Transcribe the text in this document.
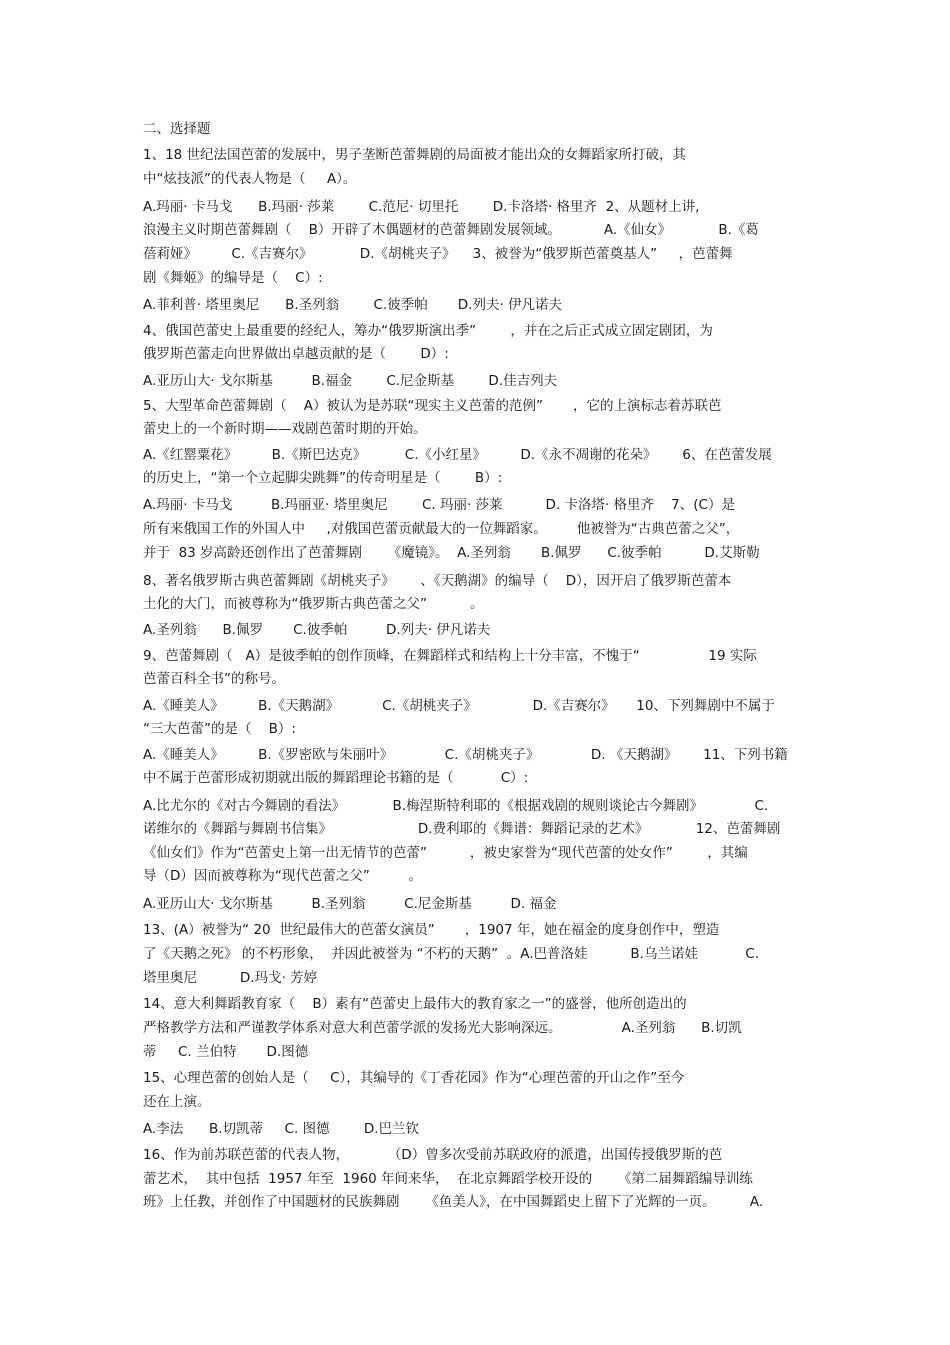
二、选择题
1、18 世纪法国芭蕾的发展中，男子垄断芭蕾舞剧的局面被才能出众的女舞蹈家所打破，其
中“炫技派”的代表人物是（     A）。
A.玛丽· 卡马戈      B.玛丽· 莎莱        C.范尼· 切里托        D.卡洛塔· 格里齐  2、从题材上讲,
浪漫主义时期芭蕾舞剧（    B）开辟了木偶题材的芭蕾舞剧发展领域。          A.《仙女》           B.《葛
蓓莉娅》        C.《吉赛尔》           D.《胡桃夹子》    3、被誉为“俄罗斯芭蕾奠基人”     ，芭蕾舞
剧《舞姬》的编导是（    C）:
A.菲利普· 塔里奥尼      B.圣列翁        C.彼季帕       D.列夫· 伊凡诺夫
4、俄国芭蕾史上最重要的经纪人，筹办“俄罗斯演出季”        ，并在之后正式成立固定剧团，为
俄罗斯芭蕾走向世界做出卓越贡献的是（        D）:
A.亚历山大· 戈尔斯基         B.福金        C.尼金斯基        D.佳吉列夫
5、大型革命芭蕾舞剧（    A）被认为是苏联“现实主义芭蕾的范例”       ，它的上演标志着苏联芭
蕾史上的一个新时期——戏剧芭蕾时期的开始。
A.《红罂粟花》        B.《斯巴达克》         C.《小红星》        D.《永不凋谢的花朵》      6、在芭蕾发展
的历史上，“第一个立起脚尖跳舞”的传奇明星是（        B）:
A.玛丽· 卡马戈         B.玛丽亚· 塔里奥尼        C. 玛丽· 莎莱          D. 卡洛塔· 格里齐    7、(C）是
所有来俄国工作的外国人中     ,对俄国芭蕾贡献最大的一位舞蹈家。       他被誉为“古典芭蕾之父”，
并于  83 岁高龄还创作出了芭蕾舞剧      《魔镜》。  A.圣列翁       B.佩罗      C.彼季帕          D.艾斯勒
8、著名俄罗斯古典芭蕾舞剧《胡桃夹子》      、《天鹅湖》的编导（    D），因开启了俄罗斯芭蕾本
土化的大门，而被尊称为“俄罗斯古典芭蕾之父”          。
A.圣列翁      B.佩罗       C.彼季帕         D.列夫· 伊凡诺夫
9、芭蕾舞剧（   A）是彼季帕的创作顶峰，在舞蹈样式和结构上十分丰富，不愧于“                19 实际
芭蕾百科全书”的称号。
A.《睡美人》        B.《天鹅湖》          C.《胡桃夹子》             D.《吉赛尔》     10、下列舞剧中不属于
“三大芭蕾”的是（    B）:
A.《睡美人》        B.《罗密欧与朱丽叶》            C.《胡桃夹子》            D. 《天鹅湖》      11、下列书籍
中不属于芭蕾形成初期就出版的舞蹈理论书籍的是（           C）:
A.比尤尔的《对古今舞剧的看法》           B.梅涅斯特利耶的《根据戏剧的规则谈论古今舞剧》            C.
诺维尔的《舞蹈与舞剧书信集》                    D.费利耶的《舞谱：舞蹈记录的艺术》           12、芭蕾舞剧
《仙女们》作为“芭蕾史上第一出无情节的芭蕾”          ，被史家誉为“现代芭蕾的处女作”        ，其编
导（D）因而被尊称为“现代芭蕾之父”         。
A.亚历山大· 戈尔斯基         B.圣列翁         C.尼金斯基         D. 福金
13、(A）被誉为“ 20  世纪最伟大的芭蕾女演员”       ，1907 年，她在福金的度身创作中，塑造
了《天鹅之死》 的不朽形象，  并因此被誉为 “不朽的天鹅”  。A.巴普洛娃          B.乌兰诺娃           C.
塔里奥尼          D.玛戈· 芳婷
14、意大利舞蹈教育家（    B）素有“芭蕾史上最伟大的教育家之一”的盛誉，他所创造出的
严格教学方法和严谨教学体系对意大利芭蕾学派的发扬光大影响深远。              A.圣列翁      B.切凯
蒂     C. 兰伯特       D.图德
15、心理芭蕾的创始人是（     C），其编导的《丁香花园》作为“心理芭蕾的开山之作”至今
还在上演。
A.李法      B.切凯蒂     C. 图德        D.巴兰钦
16、作为前苏联芭蕾的代表人物，         （D）曾多次受前苏联政府的派遣，出国传授俄罗斯的芭
蕾艺术，  其中包括  1957 年至  1960 年间来华，  在北京舞蹈学校开设的      《第二届舞蹈编导训练
班》上任教，并创作了中国题材的民族舞剧      《鱼美人》，在中国舞蹈史上留下了光辉的一页。        A.
